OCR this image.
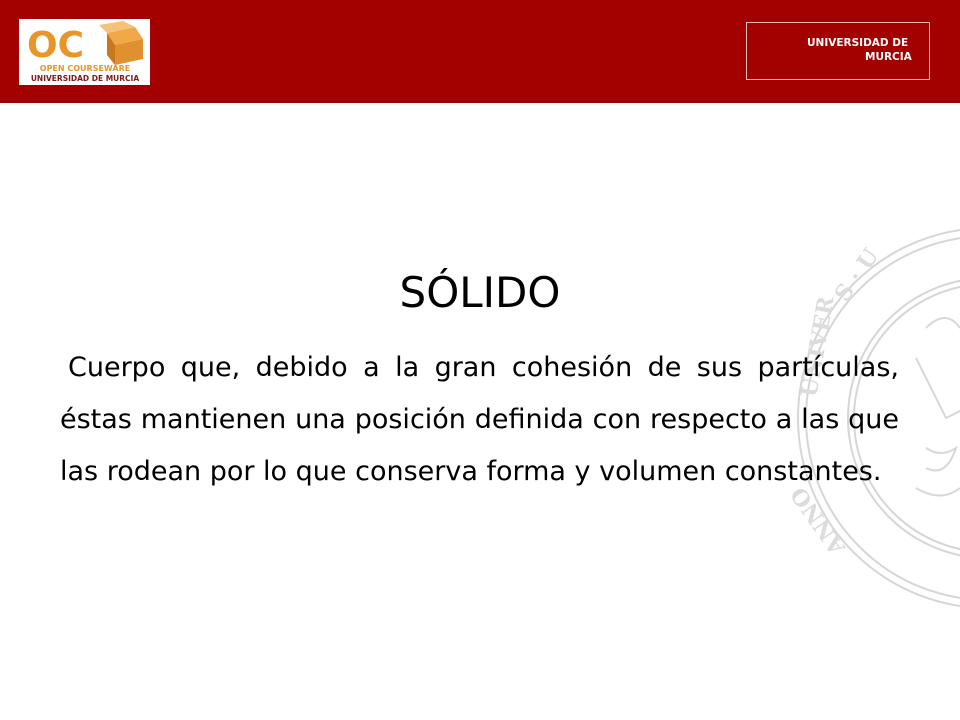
OC
OPEN COURSEWARE
UNIVERSIDAD DE MURCIA
UNIVERSIDAD DE
MURCIA
S · U
UNIVER
ANNO
SÓLIDO
Cuerpo que, debido a la gran cohesión de sus partículas, éstas mantienen una posición definida con respecto a las que las rodean por lo que conserva forma y volumen constantes.
